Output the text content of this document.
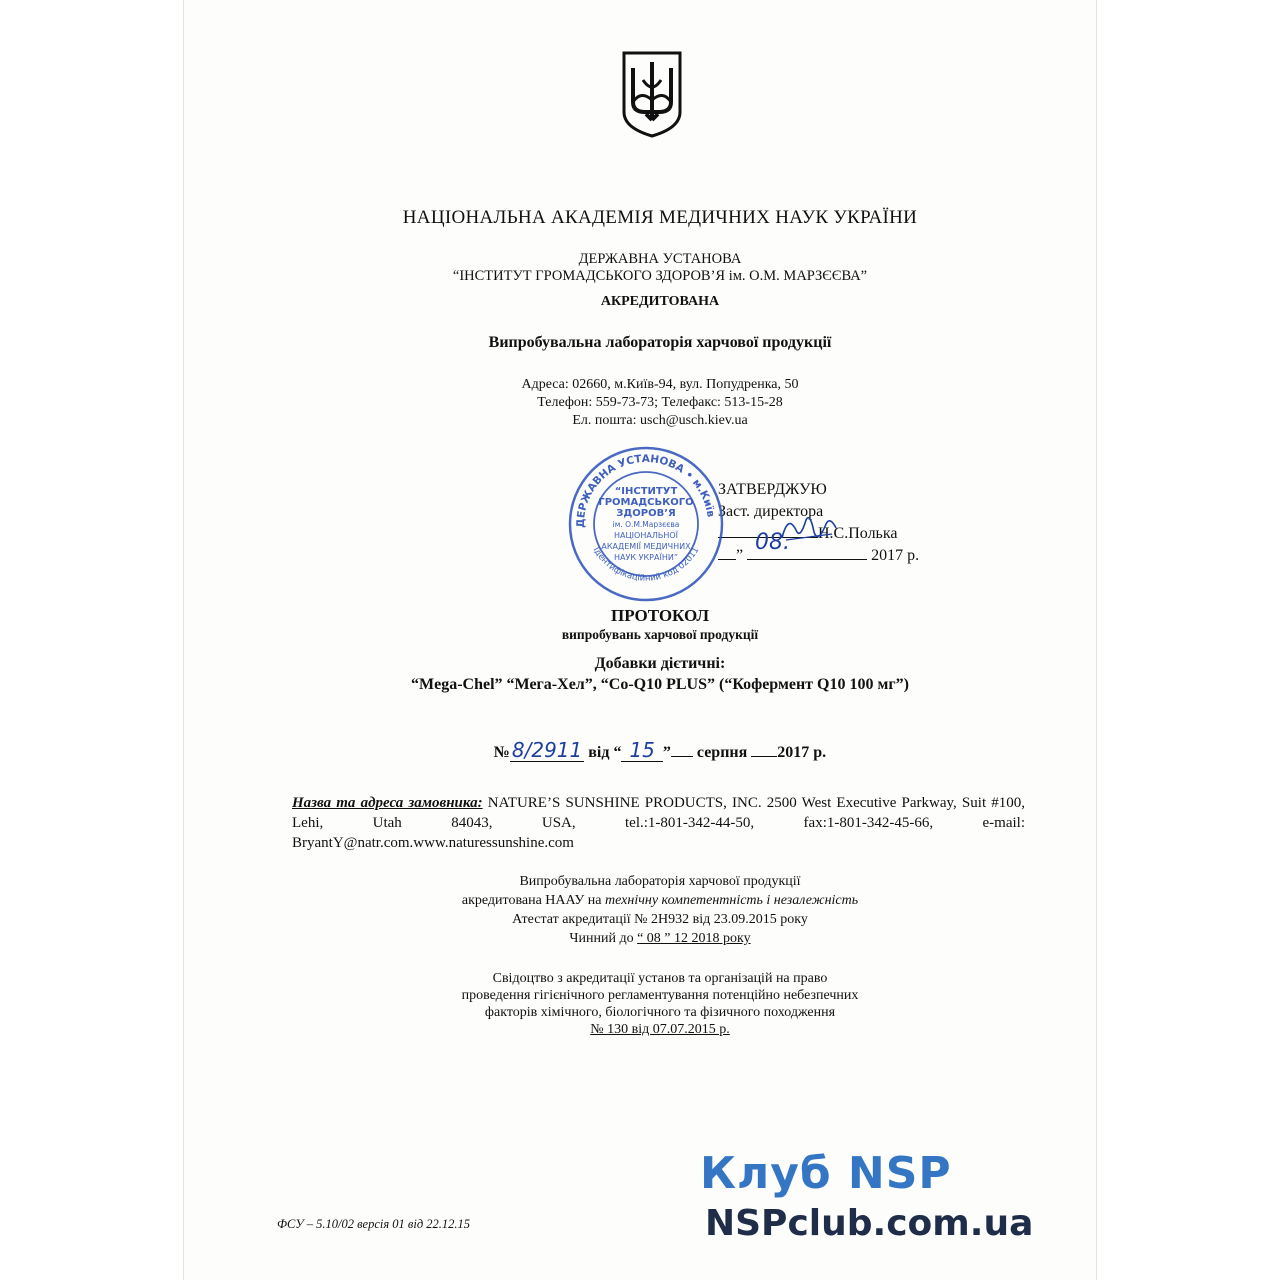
НАЦІОНАЛЬНА АКАДЕМІЯ МЕДИЧНИХ НАУК УКРАЇНИ
ДЕРЖАВНА УСТАНОВА
“ІНСТИТУТ ГРОМАДСЬКОГО ЗДОРОВ’Я ім. О.М. МАРЗЄЄВА”
АКРЕДИТОВАНА
Випробувальна лабораторія харчової продукції
Адреса: 02660, м.Київ-94, вул. Попудренка, 50
Телефон: 559-73-73; Телефакс: 513-15-28
Ел. пошта: usch@usch.kiev.ua
ЗАТВЕРДЖУЮ
Заст. директора
Н.С.Полька
”	2017 р.
08.
ДЕРЖАВНА УСТАНОВА • м.Київ
Ідентифікаційний код 02011
“ІНСТИТУТ
ГРОМАДСЬКОГО
ЗДОРОВ’Я
ім. О.М.Марзєєва
НАЦІОНАЛЬНОЇ
АКАДЕМІЇ МЕДИЧНИХ
НАУК УКРАЇНИ”
ПРОТОКОЛ
випробувань харчової продукції
Добавки дієтичні:
“Mega-Chel” “Мега-Хел”, “Co-Q10 PLUS” (“Кофермент Q10 100 мг”)
№ 8/2911 від “ 15 ” серпня 2017 р.
Назва та адреса замовника: NATURE’S SUNSHINE PRODUCTS, INC. 2500 West Executive Parkway, Suit #100, Lehi, Utah 84043, USA, tel.:1-801-342-44-50, fax:1-801-342-45-66, e-mail: BryantY@natr.com.www.naturessunshine.com
Випробувальна лабораторія харчової продукції
акредитована НААУ на технічну компетентність і незалежність
Атестат акредитації № 2Н932 від 23.09.2015 року
Чинний до “ 08 ” 12 2018 року
Свідоцтво з акредитації установ та організацій на право
проведення гігієнічного регламентування потенційно небезпечних
факторів хімічного, біологічного та фізичного походження
№ 130 від 07.07.2015 р.
ФСУ – 5.10/02 версія 01 від 22.12.15
Клуб NSP
NSPclub.com.ua
